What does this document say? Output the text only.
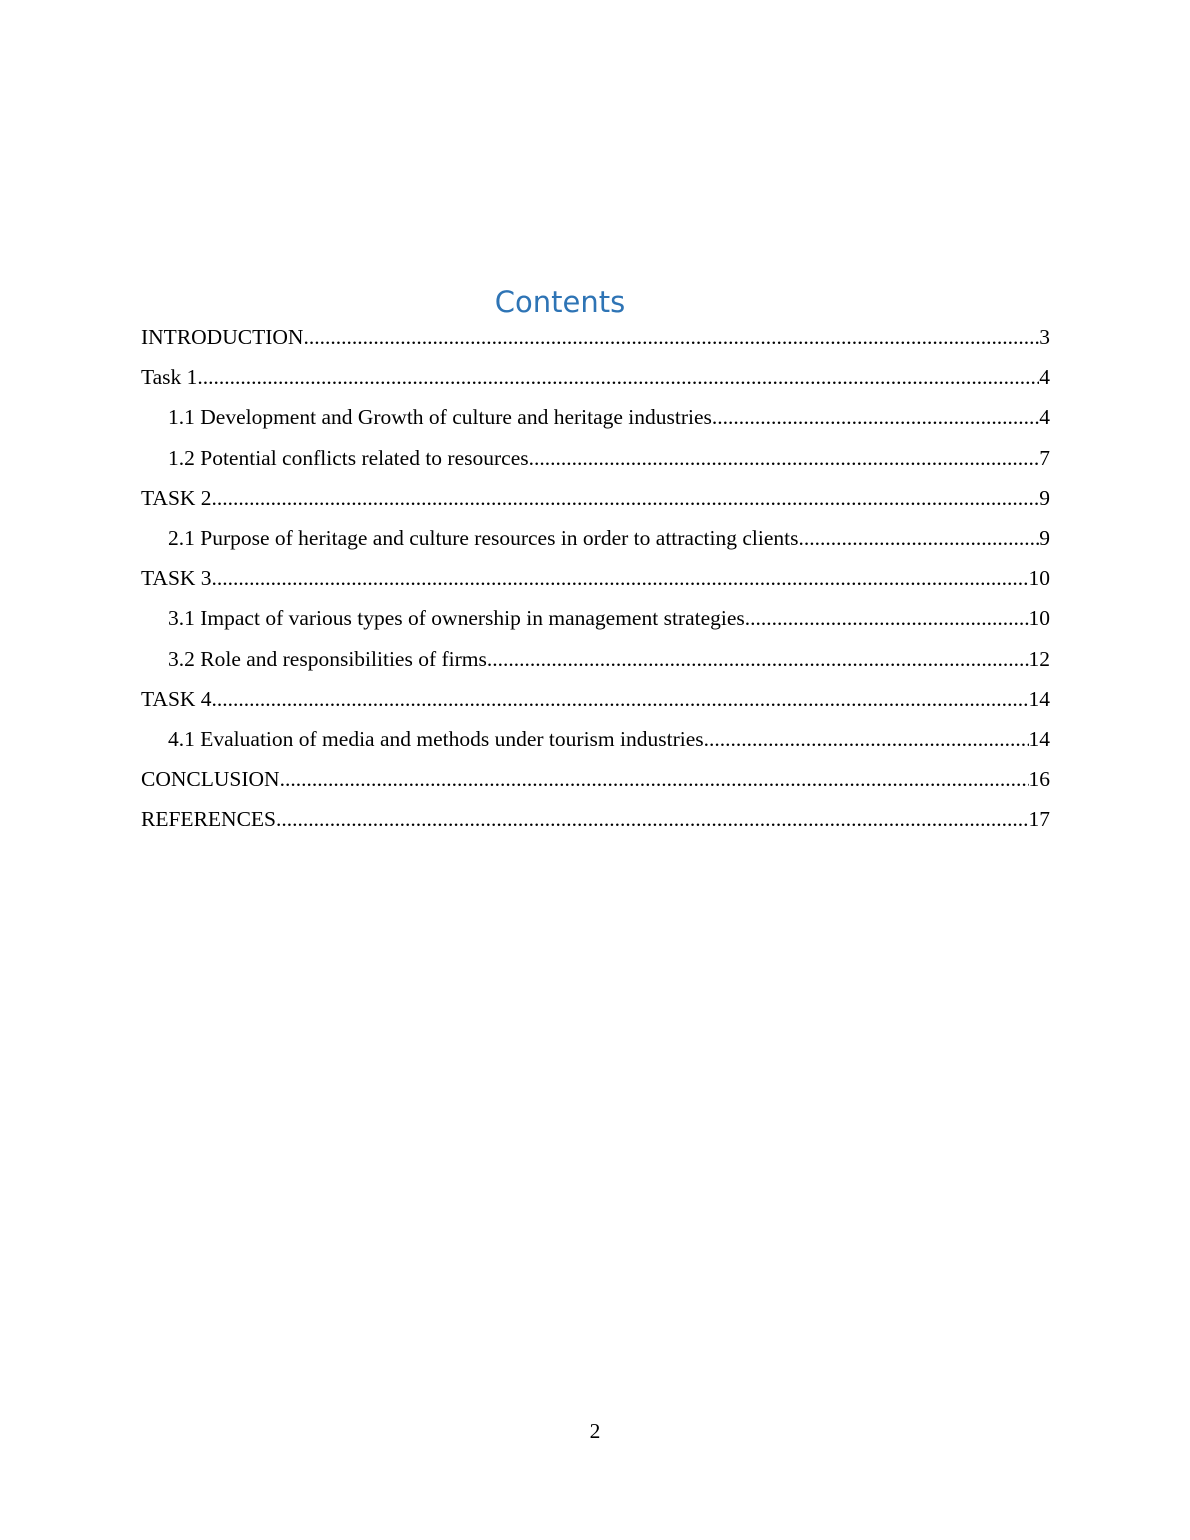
Contents
INTRODUCTION .....	3
Task 1 .....	4
1.1 Development and Growth of culture and heritage industries .....	4
1.2 Potential conflicts related to resources .....	7
TASK 2 .....	9
2.1 Purpose of heritage and culture resources in order to attracting clients .....	9
TASK 3 .....	10
3.1 Impact of various types of ownership in management strategies .....	10
3.2 Role and responsibilities of firms .....	12
TASK 4 .....	14
4.1 Evaluation of media and methods under tourism industries .....	14
CONCLUSION .....	16
REFERENCES .....	17
2
